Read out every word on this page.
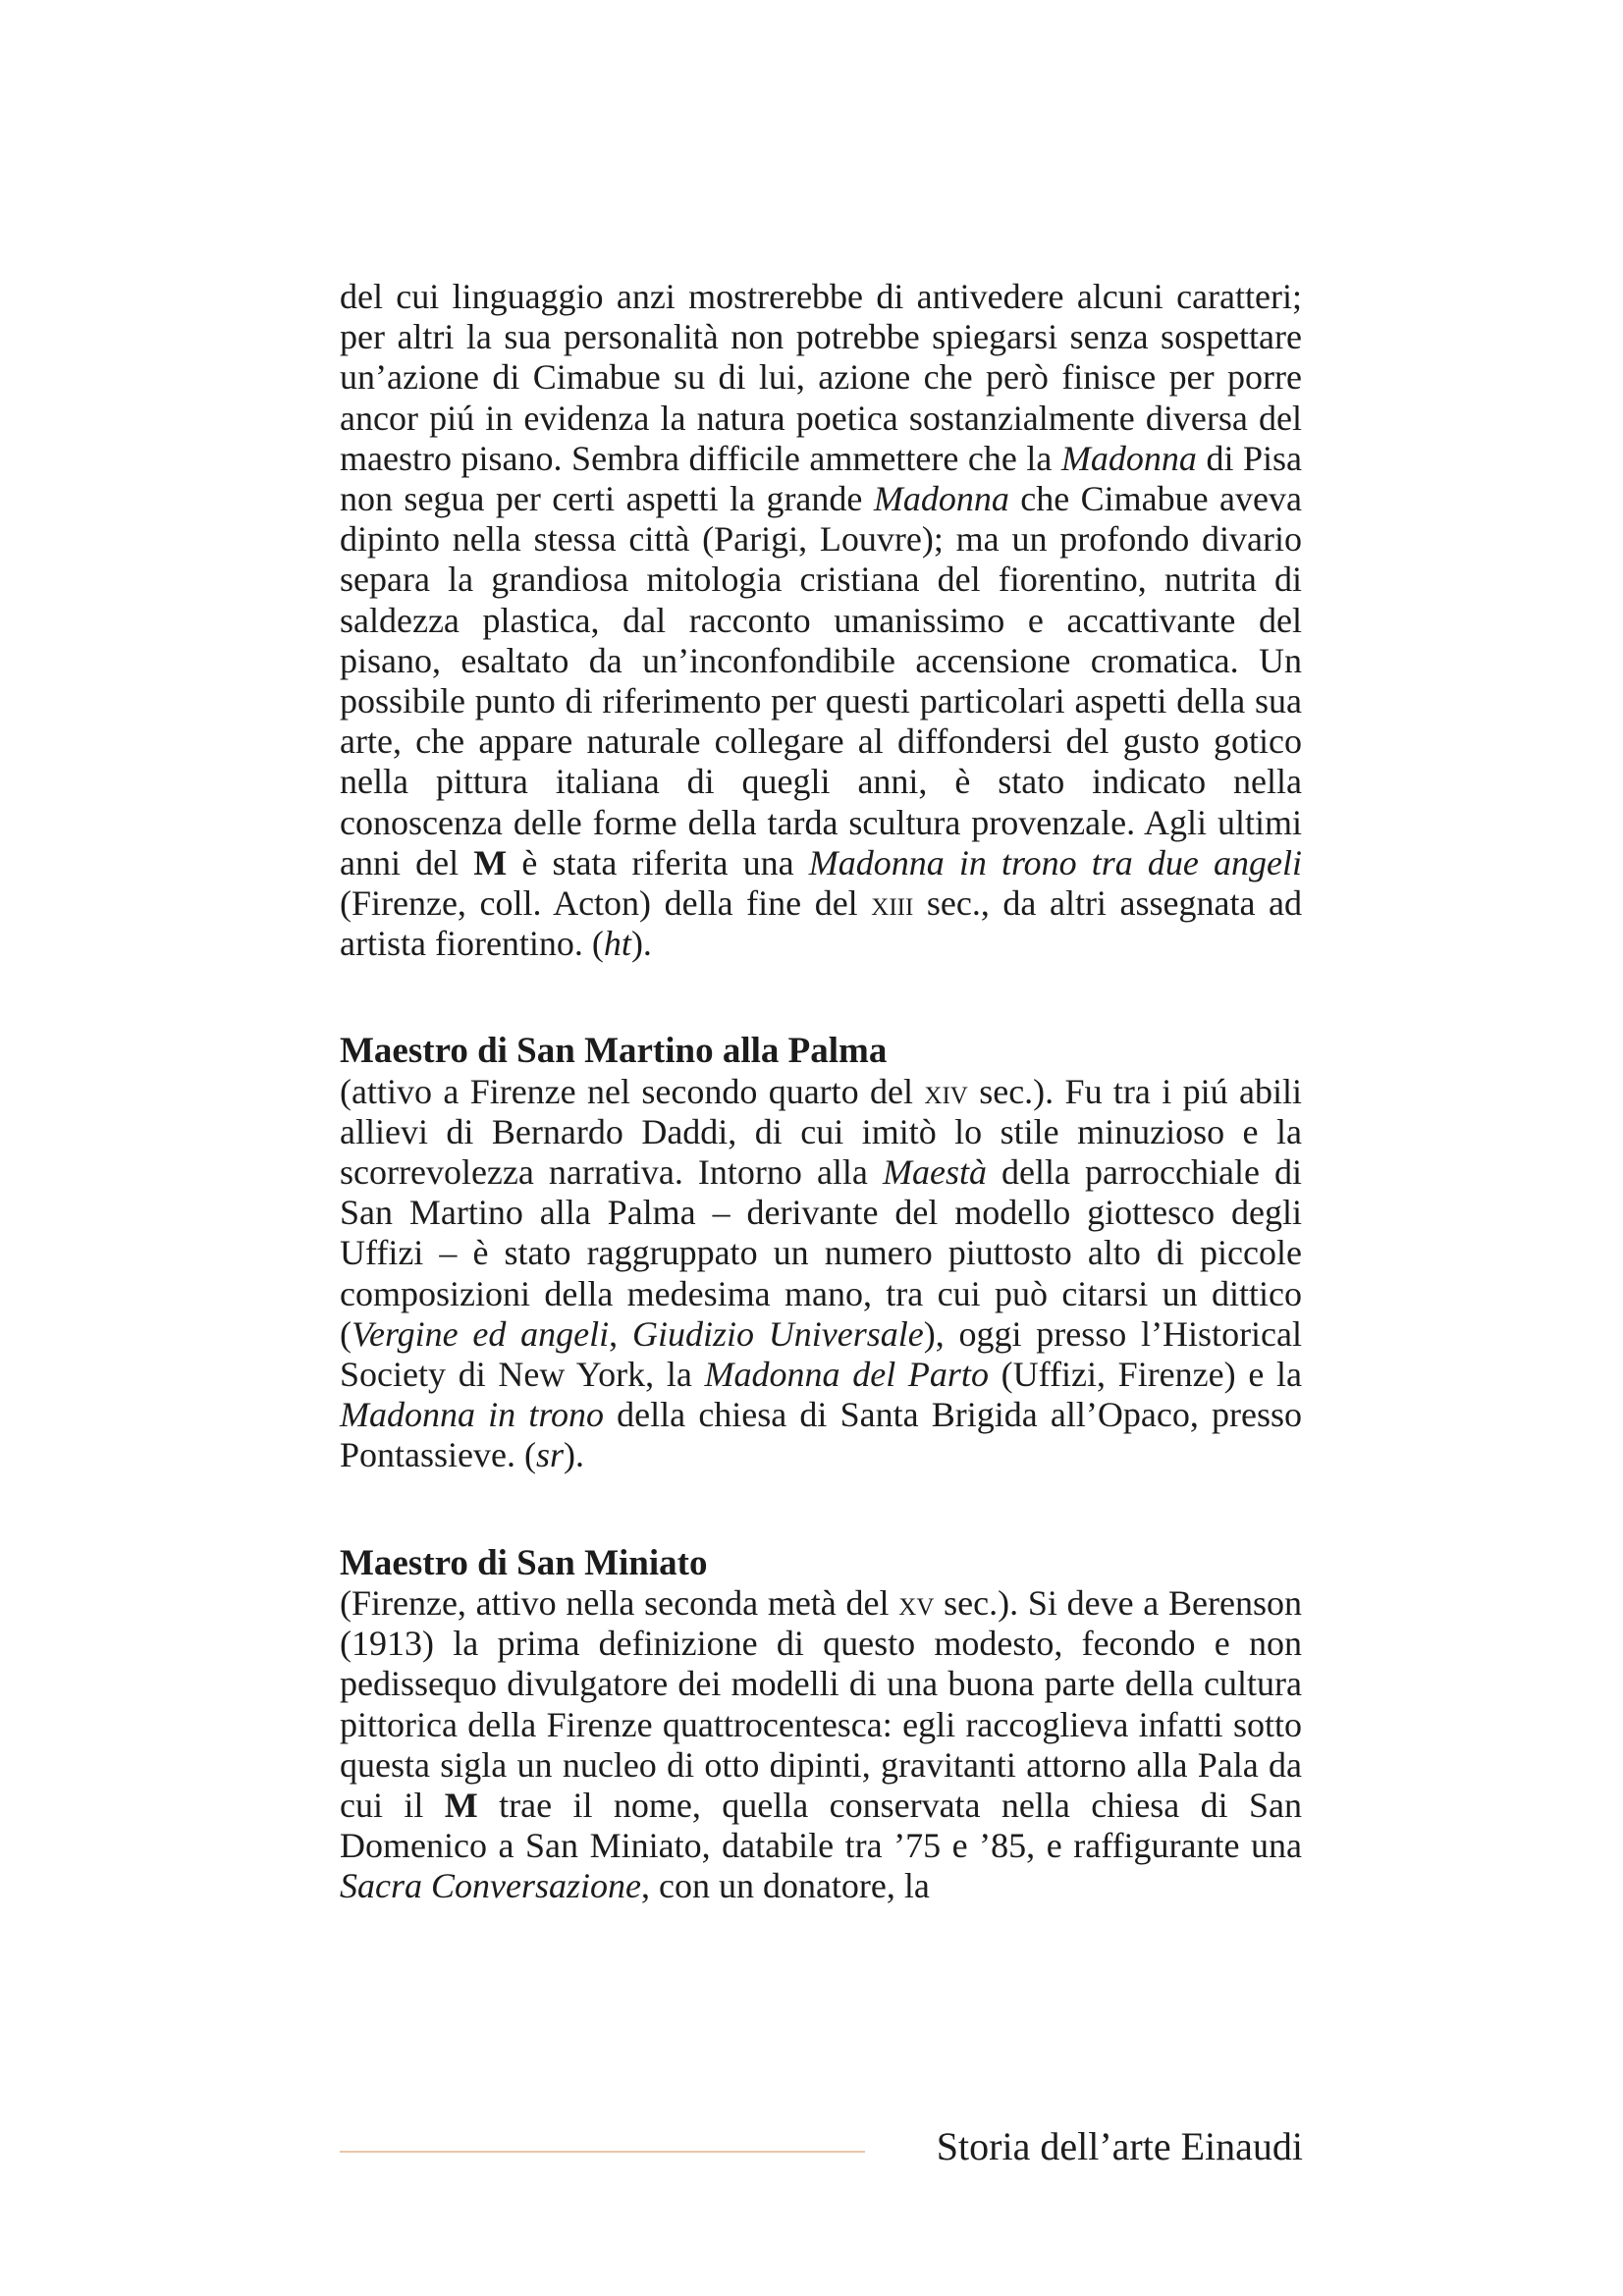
del cui linguaggio anzi mostrerebbe di antivedere alcuni caratteri; per altri la sua personalità non potrebbe spiegarsi senza sospettare un’azione di Cimabue su di lui, azione che però finisce per porre ancor piú in evidenza la natura poetica sostanzialmente diversa del maestro pisano. Sembra difficile ammettere che la Madonna di Pisa non segua per certi aspetti la grande Madonna che Cimabue aveva dipinto nella stessa città (Parigi, Louvre); ma un profondo divario separa la grandiosa mitologia cristiana del fiorentino, nutrita di saldezza plastica, dal racconto umanissimo e accattivante del pisano, esaltato da un’inconfondibile accensione cromatica. Un possibile punto di riferimento per questi particolari aspetti della sua arte, che appare naturale collegare al diffondersi del gusto gotico nella pittura italiana di quegli anni, è stato indicato nella conoscenza delle forme della tarda scultura provenzale. Agli ultimi anni del M è stata riferita una Madonna in trono tra due angeli (Firenze, coll. Acton) della fine del xiii sec., da altri assegnata ad artista fiorentino. (ht).

Maestro di San Martino alla Palma

(attivo a Firenze nel secondo quarto del xiv sec.). Fu tra i piú abili allievi di Bernardo Daddi, di cui imitò lo stile minuzioso e la scorrevolezza narrativa. Intorno alla Maestà della parrocchiale di San Martino alla Palma – derivante del modello giottesco degli Uffizi – è stato raggruppato un numero piuttosto alto di piccole composizioni della medesima mano, tra cui può citarsi un dittico (Vergine ed angeli, Giudizio Universale), oggi presso l’Historical Society di New York, la Madonna del Parto (Uffizi, Firenze) e la Madonna in trono della chiesa di Santa Brigida all’Opaco, presso Pontassieve. (sr).

Maestro di San Miniato

(Firenze, attivo nella seconda metà del xv sec.). Si deve a Berenson (1913) la prima definizione di questo modesto, fecondo e non pedissequo divulgatore dei modelli di una buona parte della cultura pittorica della Firenze quattrocentesca: egli raccoglieva infatti sotto questa sigla un nucleo di otto dipinti, gravitanti attorno alla Pala da cui il M trae il nome, quella conservata nella chiesa di San Domenico a San Miniato, databile tra ’75 e ’85, e raffigurante una Sacra Conversazione, con un donatore, la

Storia dell’arte Einaudi
